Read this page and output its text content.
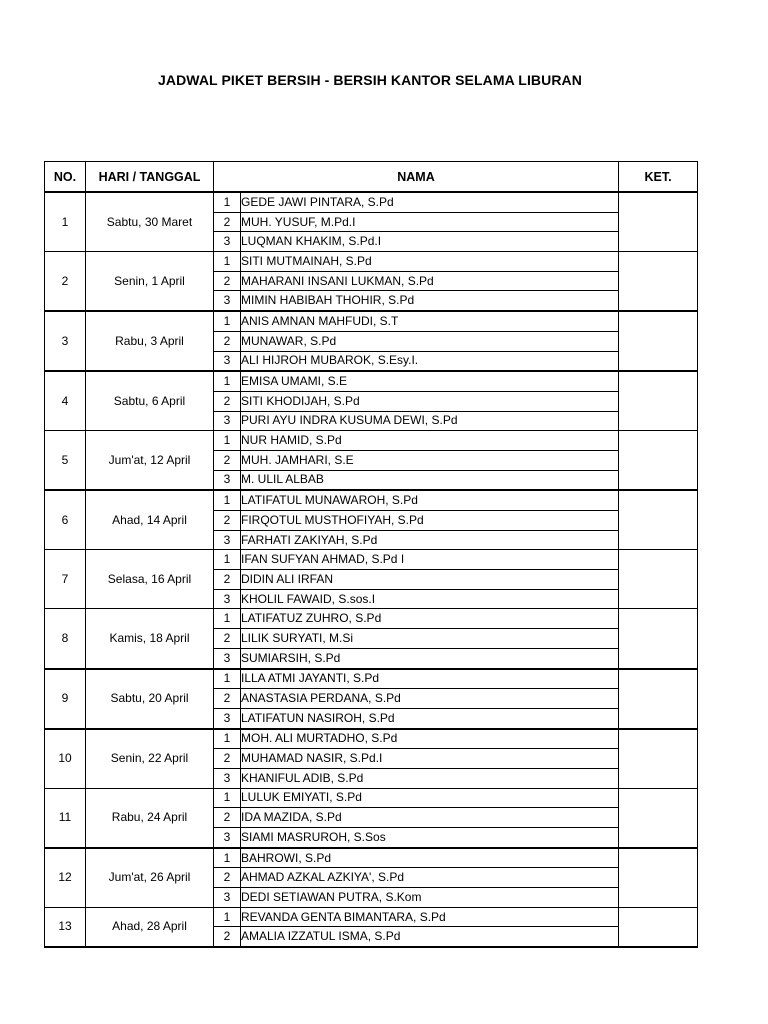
JADWAL PIKET BERSIH - BERSIH KANTOR SELAMA LIBURAN
NO.	HARI / TANGGAL	NAMA		KET.
1	Sabtu, 30 Maret	1	GEDE JAWI PINTARA, S.Pd	
		2	MUH. YUSUF, M.Pd.I	
		3	LUQMAN KHAKIM, S.Pd.I	
2	Senin, 1 April	1	SITI MUTMAINAH, S.Pd	
		2	MAHARANI INSANI LUKMAN, S.Pd	
		3	MIMIN HABIBAH THOHIR, S.Pd	
3	Rabu, 3 April	1	ANIS AMNAN MAHFUDI, S.T	
		2	MUNAWAR, S.Pd	
		3	ALI HIJROH MUBAROK, S.Esy.I.	
4	Sabtu, 6 April	1	EMISA UMAMI, S.E	
		2	SITI KHODIJAH, S.Pd	
		3	PURI AYU INDRA KUSUMA DEWI, S.Pd	
5	Jum'at, 12 April	1	NUR HAMID, S.Pd	
		2	MUH. JAMHARI, S.E	
		3	M. ULIL ALBAB	
6	Ahad, 14 April	1	LATIFATUL MUNAWAROH, S.Pd	
		2	FIRQOTUL MUSTHOFIYAH, S.Pd	
		3	FARHATI ZAKIYAH, S.Pd	
7	Selasa, 16 April	1	IFAN SUFYAN AHMAD, S.Pd I	
		2	DIDIN ALI IRFAN	
		3	KHOLIL FAWAID, S.sos.I	
8	Kamis, 18 April	1	LATIFATUZ ZUHRO, S.Pd	
		2	LILIK SURYATI, M.Si	
		3	SUMIARSIH, S.Pd	
9	Sabtu, 20 April	1	ILLA ATMI JAYANTI, S.Pd	
		2	ANASTASIA PERDANA, S.Pd	
		3	LATIFATUN NASIROH, S.Pd	
10	Senin, 22 April	1	MOH. ALI MURTADHO, S.Pd	
		2	MUHAMAD NASIR, S.Pd.I	
		3	KHANIFUL ADIB, S.Pd	
11	Rabu, 24 April	1	LULUK EMIYATI, S.Pd	
		2	IDA MAZIDA, S.Pd	
		3	SIAMI MASRUROH, S.Sos	
12	Jum'at, 26 April	1	BAHROWI, S.Pd	
		2	AHMAD AZKAL AZKIYA', S.Pd	
		3	DEDI SETIAWAN PUTRA, S.Kom	
13	Ahad, 28 April	1	REVANDA GENTA BIMANTARA, S.Pd	
		2	AMALIA IZZATUL ISMA, S.Pd	
